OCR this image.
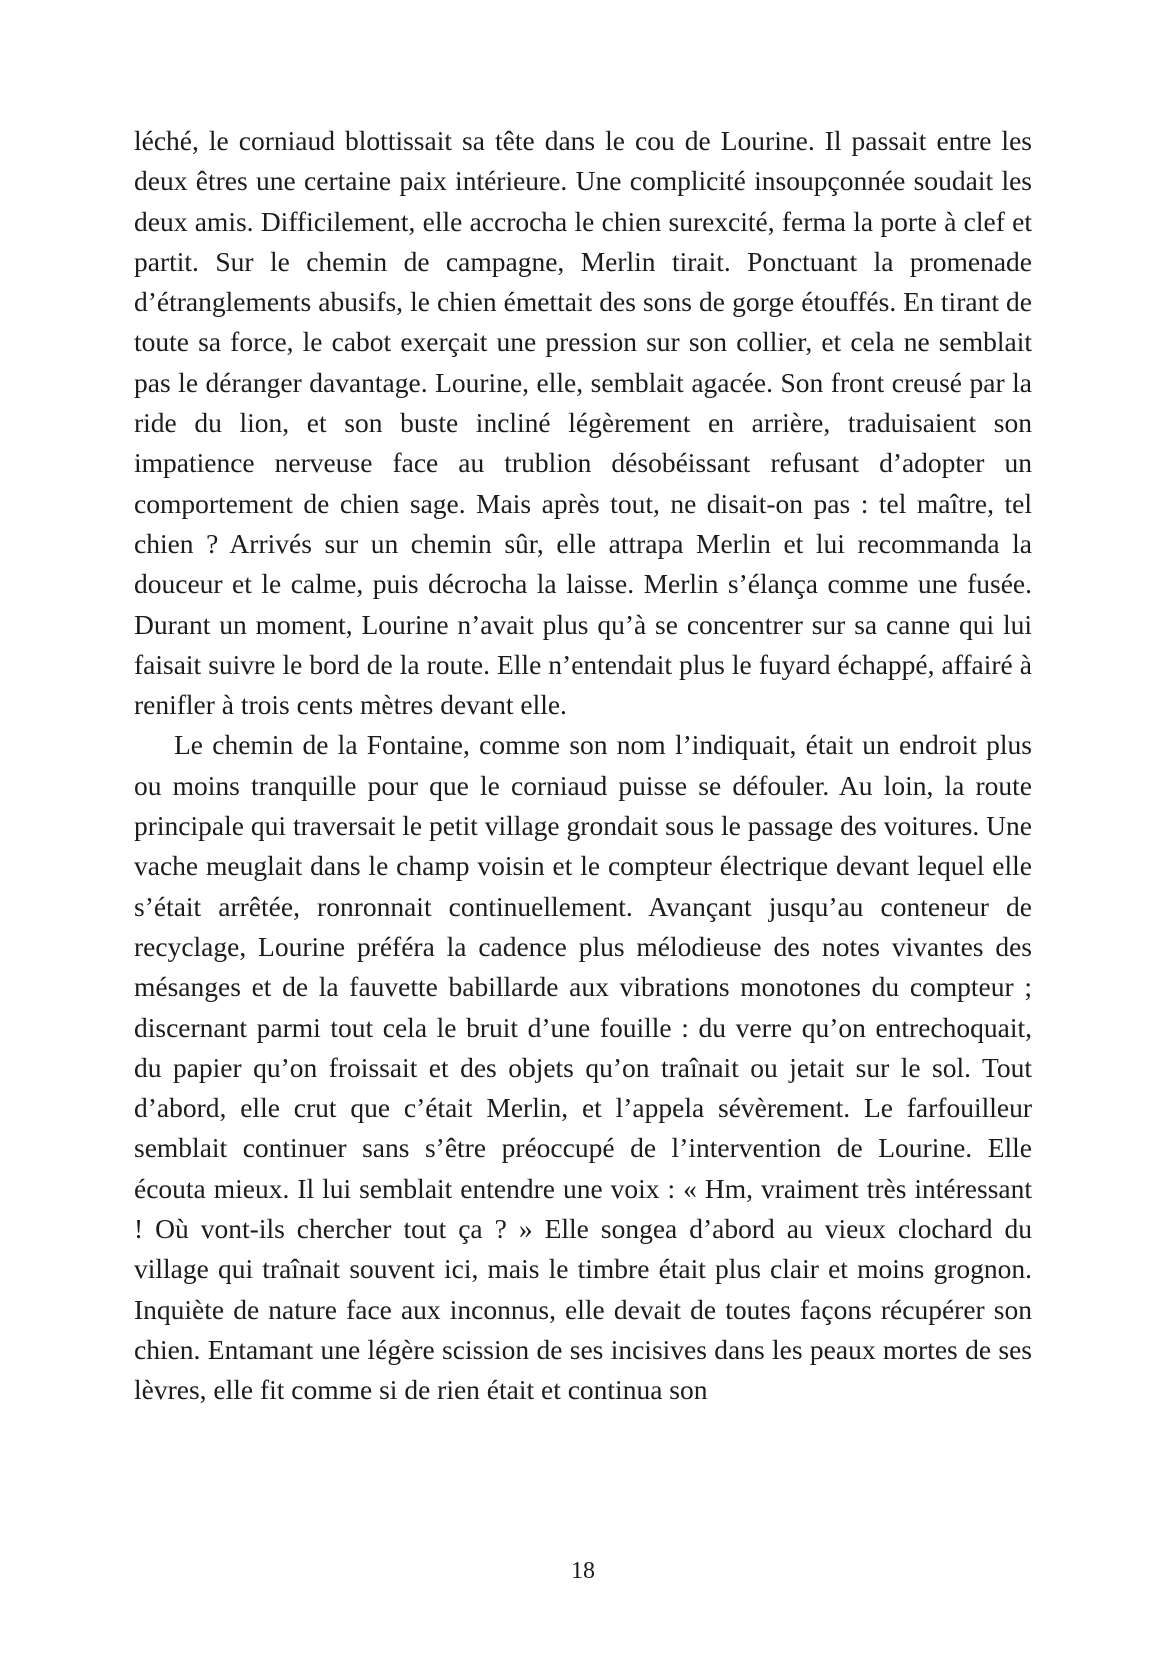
léché, le corniaud blottissait sa tête dans le cou de Lourine. Il passait entre les deux êtres une certaine paix intérieure. Une complicité insoupçonnée soudait les deux amis. Difficilement, elle accrocha le chien surexcité, ferma la porte à clef et partit. Sur le chemin de campagne, Merlin tirait. Ponctuant la promenade d’étranglements abusifs, le chien émettait des sons de gorge étouffés. En tirant de toute sa force, le cabot exerçait une pression sur son collier, et cela ne semblait pas le déranger davantage. Lourine, elle, semblait agacée. Son front creusé par la ride du lion, et son buste incliné légèrement en arrière, traduisaient son impatience nerveuse face au trublion désobéissant refusant d’adopter un comportement de chien sage. Mais après tout, ne disait-on pas : tel maître, tel chien ? Arrivés sur un chemin sûr, elle attrapa Merlin et lui recommanda la douceur et le calme, puis décrocha la laisse. Merlin s’élança comme une fusée. Durant un moment, Lourine n’avait plus qu’à se concentrer sur sa canne qui lui faisait suivre le bord de la route. Elle n’entendait plus le fuyard échappé, affairé à renifler à trois cents mètres devant elle.

Le chemin de la Fontaine, comme son nom l’indiquait, était un endroit plus ou moins tranquille pour que le corniaud puisse se défouler. Au loin, la route principale qui traversait le petit village grondait sous le passage des voitures. Une vache meuglait dans le champ voisin et le compteur électrique devant lequel elle s’était arrêtée, ronronnait continuellement. Avançant jusqu’au conteneur de recyclage, Lourine préféra la cadence plus mélodieuse des notes vivantes des mésanges et de la fauvette babillarde aux vibrations monotones du compteur ; discernant parmi tout cela le bruit d’une fouille : du verre qu’on entrechoquait, du papier qu’on froissait et des objets qu’on traînait ou jetait sur le sol. Tout d’abord, elle crut que c’était Merlin, et l’appela sévèrement. Le farfouilleur semblait continuer sans s’être préoccupé de l’intervention de Lourine. Elle écouta mieux. Il lui semblait entendre une voix : « Hm, vraiment très intéressant ! Où vont-ils chercher tout ça ? » Elle songea d’abord au vieux clochard du village qui traînait souvent ici, mais le timbre était plus clair et moins grognon. Inquiète de nature face aux inconnus, elle devait de toutes façons récupérer son chien. Entamant une légère scission de ses incisives dans les peaux mortes de ses lèvres, elle fit comme si de rien était et continua son

18
